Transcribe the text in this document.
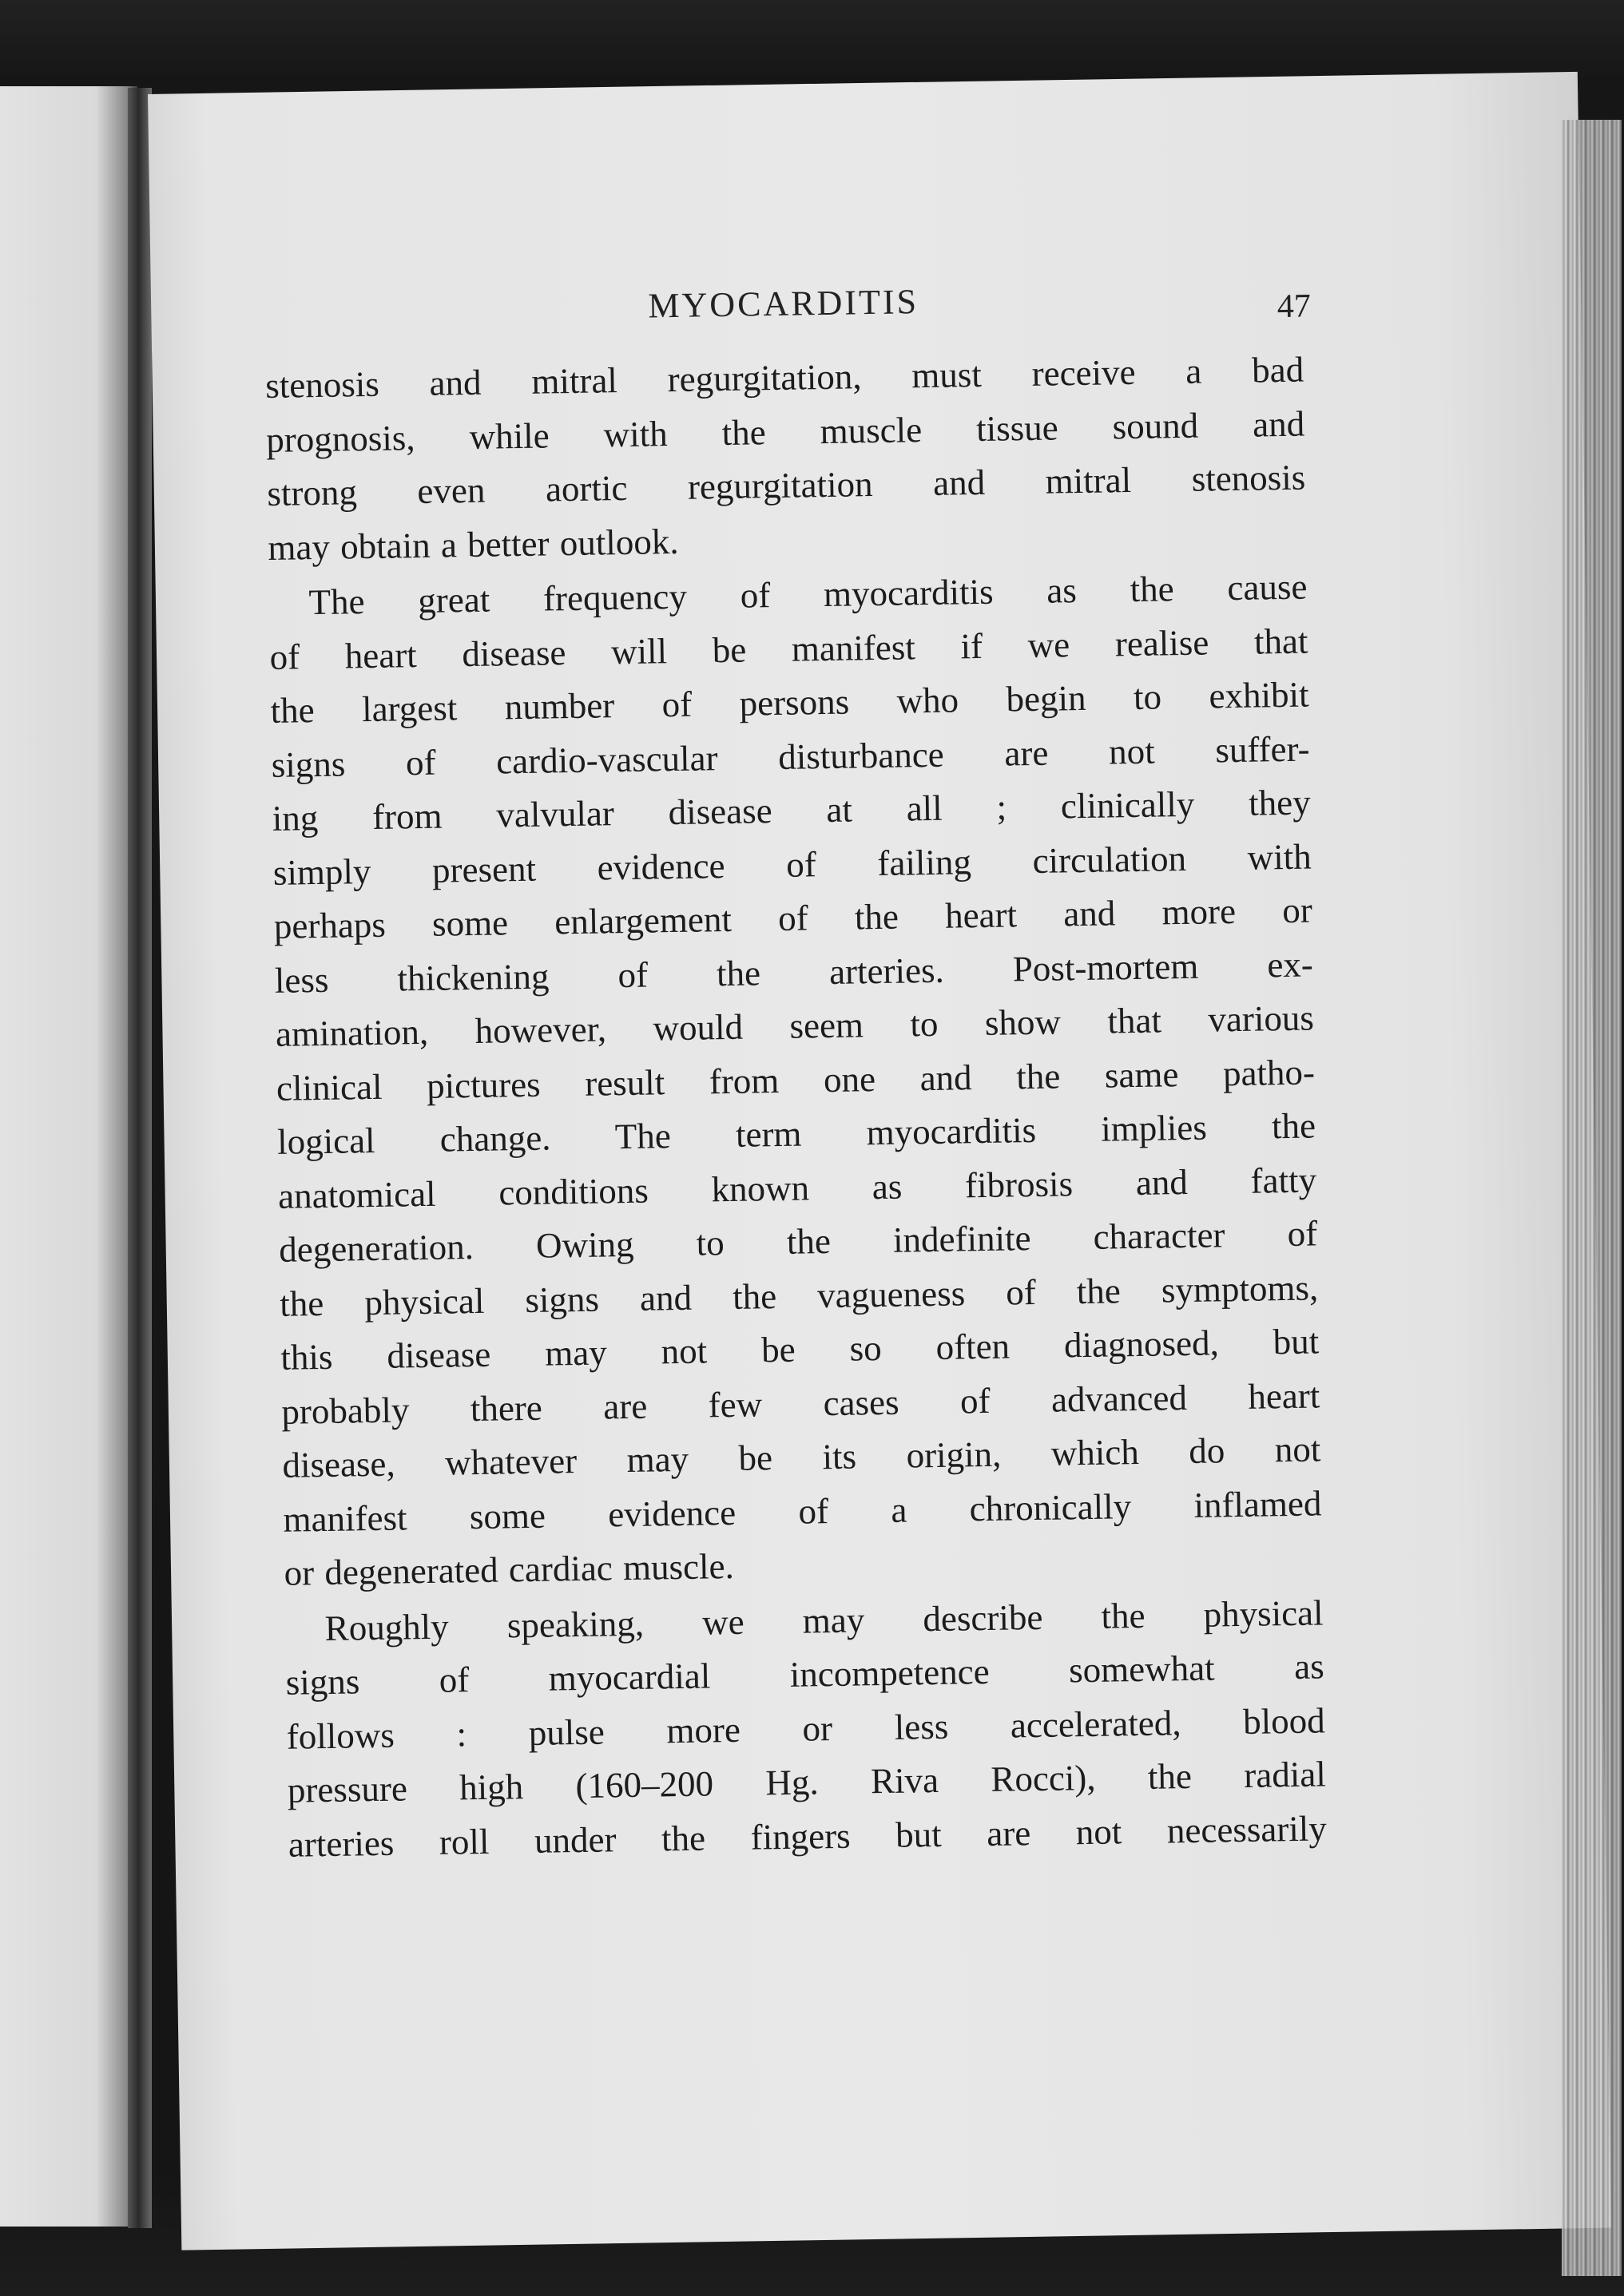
MYOCARDITIS	47
stenosis and mitral regurgitation, must receive a bad
prognosis, while with the muscle tissue sound and
strong even aortic regurgitation and mitral stenosis
may obtain a better outlook.
The great frequency of myocarditis as the cause
of heart disease will be manifest if we realise that
the largest number of persons who begin to exhibit
signs of cardio-vascular disturbance are not suffer-
ing from valvular disease at all ; clinically they
simply present evidence of failing circulation with
perhaps some enlargement of the heart and more or
less thickening of the arteries. Post-mortem ex-
amination, however, would seem to show that various
clinical pictures result from one and the same patho-
logical change. The term myocarditis implies the
anatomical conditions known as fibrosis and fatty
degeneration. Owing to the indefinite character of
the physical signs and the vagueness of the symptoms,
this disease may not be so often diagnosed, but
probably there are few cases of advanced heart
disease, whatever may be its origin, which do not
manifest some evidence of a chronically inflamed
or degenerated cardiac muscle.
Roughly speaking, we may describe the physical
signs of myocardial incompetence somewhat as
follows : pulse more or less accelerated, blood
pressure high (160–200 Hg. Riva Rocci), the radial
arteries roll under the fingers but are not necessarily
